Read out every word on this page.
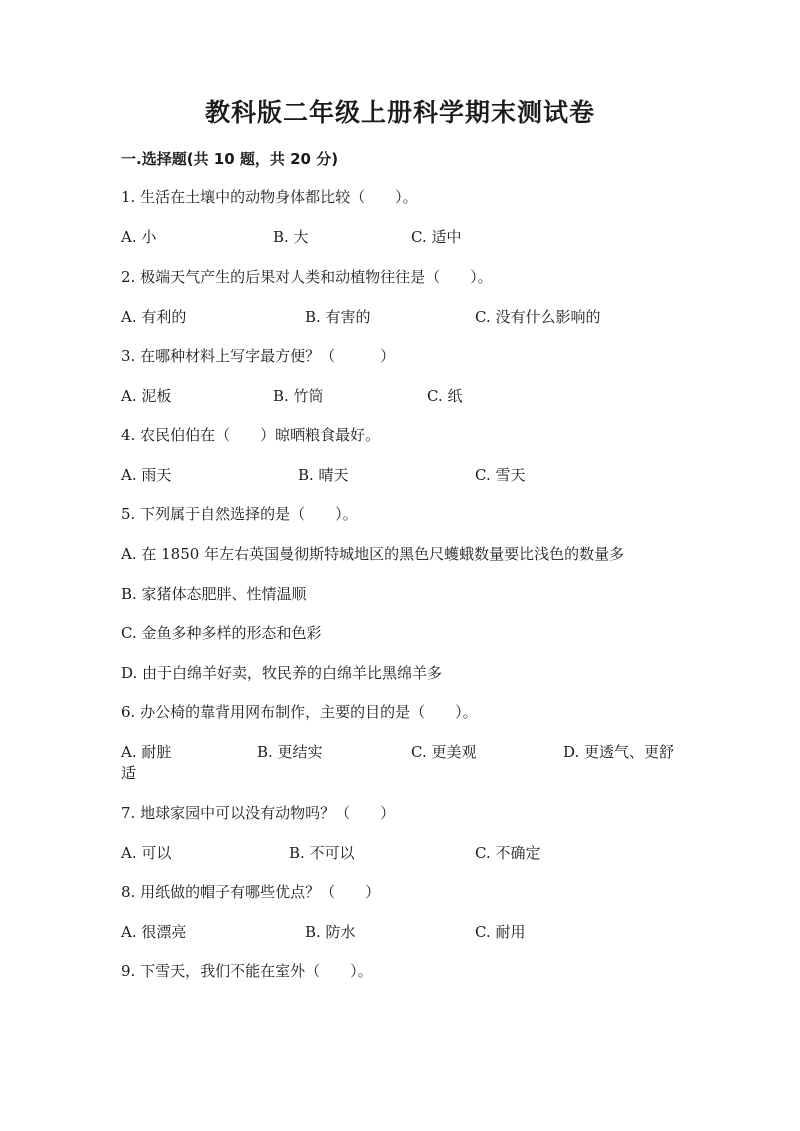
教科版二年级上册科学期末测试卷
一.选择题(共 10 题，共 20 分)
1. 生活在土壤中的动物身体都比较（　　）。
A. 小	B. 大	C. 适中
2. 极端天气产生的后果对人类和动植物往往是（　　）。
A. 有利的	B. 有害的	C. 没有什么影响的
3. 在哪种材料上写字最方便？（　　　）
A. 泥板	B. 竹筒	C. 纸
4. 农民伯伯在（　　）晾晒粮食最好。
A. 雨天	B. 晴天	C. 雪天
5. 下列属于自然选择的是（　　）。
A. 在 1850 年左右英国曼彻斯特城地区的黑色尺蠖蛾数量要比浅色的数量多
B. 家猪体态肥胖、性情温顺
C. 金鱼多种多样的形态和色彩
D. 由于白绵羊好卖，牧民养的白绵羊比黑绵羊多
6. 办公椅的靠背用网布制作，主要的目的是（　　）。
A. 耐脏	B. 更结实	C. 更美观	D. 更透气、更舒
适
7. 地球家园中可以没有动物吗？（　　）
A. 可以	B. 不可以	C. 不确定
8. 用纸做的帽子有哪些优点？（　　）
A. 很漂亮	B. 防水	C. 耐用
9. 下雪天，我们不能在室外（　　）。
